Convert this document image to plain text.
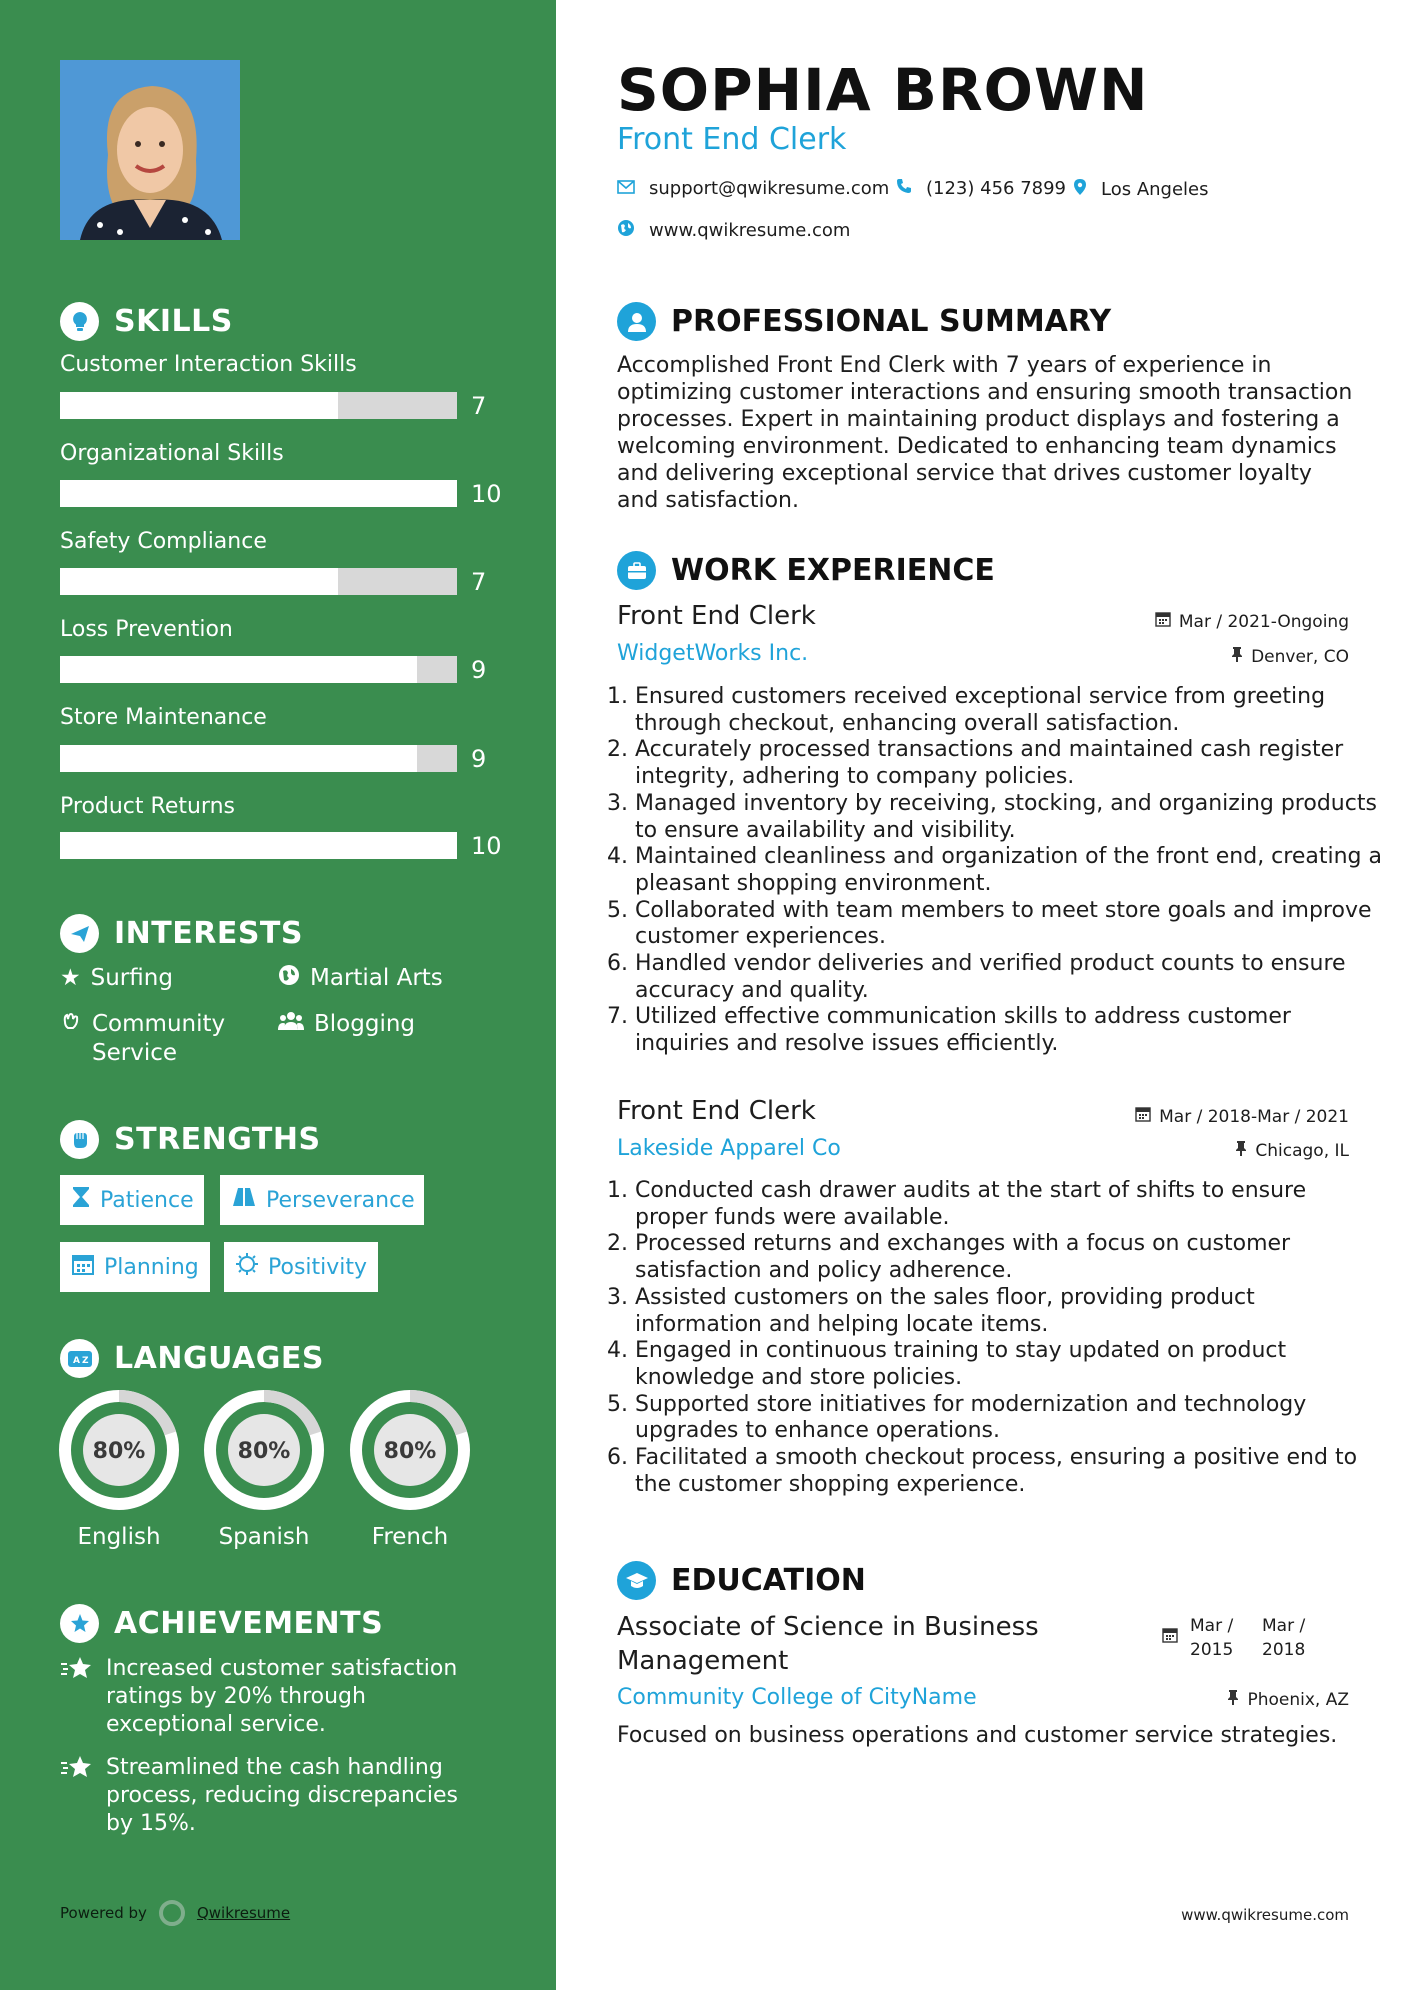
SKILLS
Customer Interaction Skills
7
Organizational Skills
10
Safety Compliance
7
Loss Prevention
9
Store Maintenance
9
Product Returns
10
INTERESTS
★ Surfing	Martial Arts
Community Service
Blogging
STRENGTHS
Patience	Perseverance
Planning	Positivity
A Z LANGUAGES
80%
English
80%
Spanish
80%
French
ACHIEVEMENTS
Increased customer satisfaction ratings by 20% through exceptional service.
Streamlined the cash handling process, reducing discrepancies by 15%.
Powered by	Qwikresume
SOPHIA BROWN
Front End Clerk
support@qwikresume.com (123) 456 7899 Los Angeles
www.qwikresume.com
PROFESSIONAL SUMMARY
Accomplished Front End Clerk with 7 years of experience in optimizing customer interactions and ensuring smooth transaction processes. Expert in maintaining product displays and fostering a welcoming environment. Dedicated to enhancing team dynamics and delivering exceptional service that drives customer loyalty and satisfaction.
WORK EXPERIENCE
Front End Clerk	Mar / 2021-Ongoing
WidgetWorks Inc.	Denver, CO
1. Ensured customers received exceptional service from greeting through checkout, enhancing overall satisfaction.
2. Accurately processed transactions and maintained cash register integrity, adhering to company policies.
3. Managed inventory by receiving, stocking, and organizing products to ensure availability and visibility.
4. Maintained cleanliness and organization of the front end, creating a pleasant shopping environment.
5. Collaborated with team members to meet store goals and improve customer experiences.
6. Handled vendor deliveries and verified product counts to ensure accuracy and quality.
7. Utilized effective communication skills to address customer inquiries and resolve issues efficiently.
Front End Clerk	Mar / 2018-Mar / 2021
Lakeside Apparel Co	Chicago, IL
1. Conducted cash drawer audits at the start of shifts to ensure proper funds were available.
2. Processed returns and exchanges with a focus on customer satisfaction and policy adherence.
3. Assisted customers on the sales floor, providing product information and helping locate items.
4. Engaged in continuous training to stay updated on product knowledge and store policies.
5. Supported store initiatives for modernization and technology upgrades to enhance operations.
6. Facilitated a smooth checkout process, ensuring a positive end to the customer shopping experience.
EDUCATION
Associate of Science in Business Management
Mar / 2015
Mar / 2018
Community College of CityName	Phoenix, AZ
Focused on business operations and customer service strategies.
www.qwikresume.com
